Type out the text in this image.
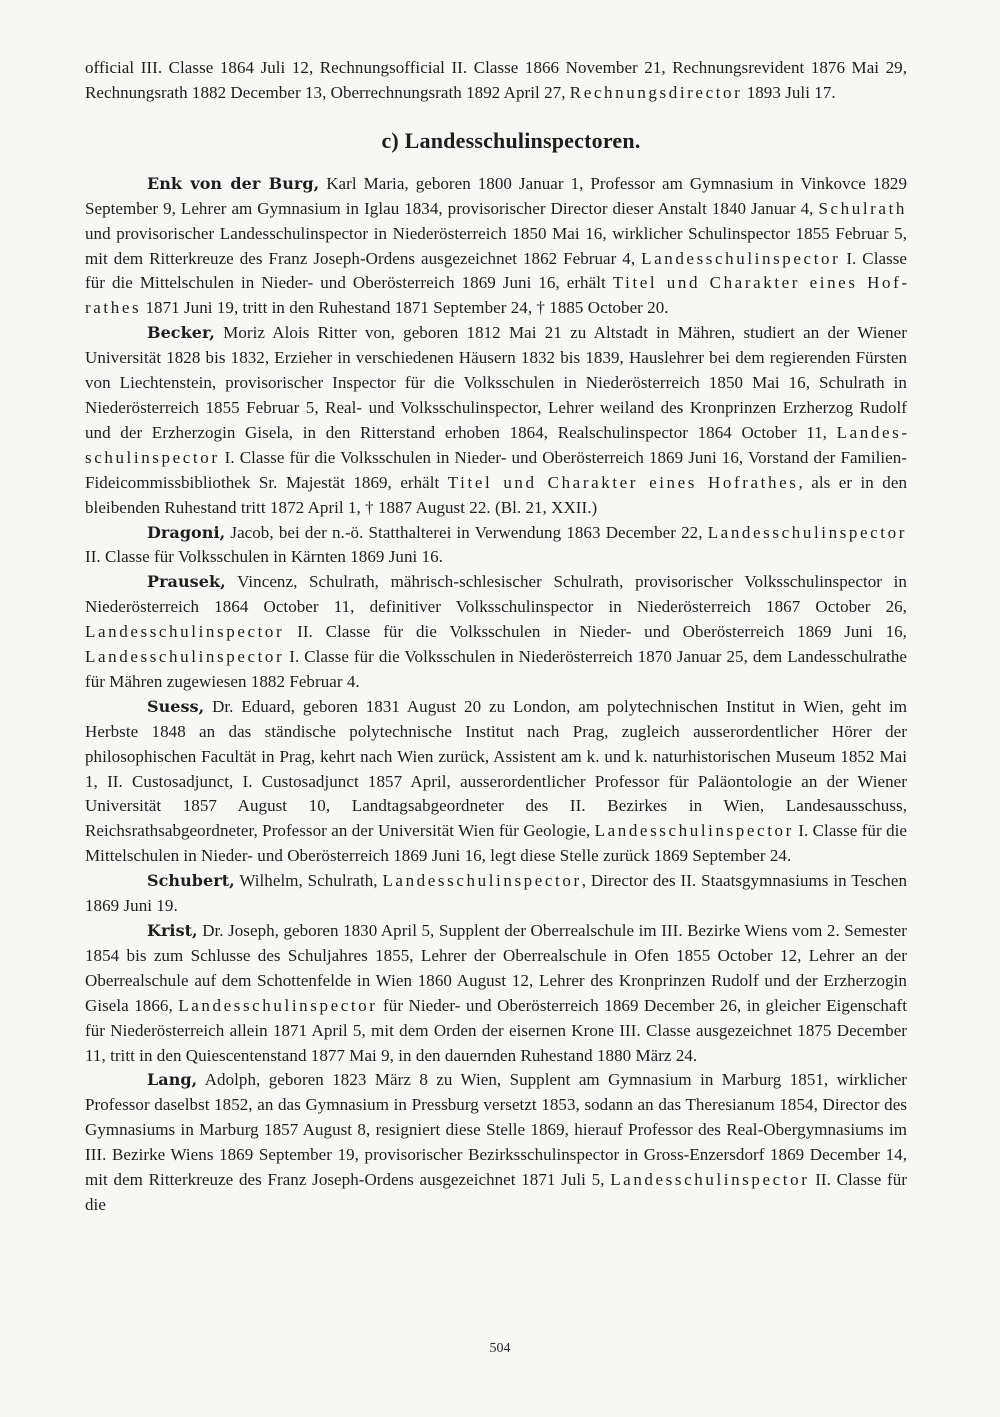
official III. Classe 1864 Juli 12, Rechnungsofficial II. Classe 1866 November 21, Rechnungsrevident 1876 Mai 29, Rechnungsrath 1882 December 13, Oberrechnungsrath 1892 April 27, Rechnungsdirector 1893 Juli 17.

c) Landesschulinspectoren.

Enk von der Burg, Karl Maria, geboren 1800 Januar 1, Professor am Gymnasium in Vinkovce 1829 September 9, Lehrer am Gymnasium in Iglau 1834, provisorischer Director dieser Anstalt 1840 Januar 4, Schulrath und provisorischer Landesschulinspector in Niederösterreich 1850 Mai 16, wirklicher Schulinspector 1855 Februar 5, mit dem Ritterkreuze des Franz Joseph-Ordens ausgezeichnet 1862 Februar 4, Landesschulinspector I. Classe für die Mittelschulen in Nieder- und Oberösterreich 1869 Juni 16, erhält Titel und Charakter eines Hofrathes 1871 Juni 19, tritt in den Ruhestand 1871 September 24, † 1885 October 20.

Becker, Moriz Alois Ritter von, geboren 1812 Mai 21 zu Altstadt in Mähren, studiert an der Wiener Universität 1828 bis 1832, Erzieher in verschiedenen Häusern 1832 bis 1839, Hauslehrer bei dem regierenden Fürsten von Liechtenstein, provisorischer Inspector für die Volksschulen in Niederösterreich 1850 Mai 16, Schulrath in Niederösterreich 1855 Februar 5, Real- und Volksschulinspector, Lehrer weiland des Kronprinzen Erzherzog Rudolf und der Erzherzogin Gisela, in den Ritterstand erhoben 1864, Realschulinspector 1864 October 11, Landesschulinspector I. Classe für die Volksschulen in Nieder- und Oberösterreich 1869 Juni 16, Vorstand der Familien-Fideicommissbibliothek Sr. Majestät 1869, erhält Titel und Charakter eines Hofrathes, als er in den bleibenden Ruhestand tritt 1872 April 1, † 1887 August 22. (Bl. 21, XXII.)

Dragoni, Jacob, bei der n.-ö. Statthalterei in Verwendung 1863 December 22, Landesschulinspector II. Classe für Volksschulen in Kärnten 1869 Juni 16.

Prausek, Vincenz, Schulrath, mährisch-schlesischer Schulrath, provisorischer Volksschulinspector in Niederösterreich 1864 October 11, definitiver Volksschulinspector in Niederösterreich 1867 October 26, Landesschulinspector II. Classe für die Volksschulen in Nieder- und Oberösterreich 1869 Juni 16, Landesschulinspector I. Classe für die Volksschulen in Niederösterreich 1870 Januar 25, dem Landesschulrathe für Mähren zugewiesen 1882 Februar 4.

Suess, Dr. Eduard, geboren 1831 August 20 zu London, am polytechnischen Institut in Wien, geht im Herbste 1848 an das ständische polytechnische Institut nach Prag, zugleich ausserordentlicher Hörer der philosophischen Facultät in Prag, kehrt nach Wien zurück, Assistent am k. und k. naturhistorischen Museum 1852 Mai 1, II. Custosadjunct, I. Custosadjunct 1857 April, ausserordentlicher Professor für Paläontologie an der Wiener Universität 1857 August 10, Landtagsabgeordneter des II. Bezirkes in Wien, Landesausschuss, Reichsrathsabgeordneter, Professor an der Universität Wien für Geologie, Landesschulinspector I. Classe für die Mittelschulen in Nieder- und Oberösterreich 1869 Juni 16, legt diese Stelle zurück 1869 September 24.

Schubert, Wilhelm, Schulrath, Landesschulinspector, Director des II. Staatsgymnasiums in Teschen 1869 Juni 19.

Krist, Dr. Joseph, geboren 1830 April 5, Supplent der Oberrealschule im III. Bezirke Wiens vom 2. Semester 1854 bis zum Schlusse des Schuljahres 1855, Lehrer der Oberrealschule in Ofen 1855 October 12, Lehrer an der Oberrealschule auf dem Schottenfelde in Wien 1860 August 12, Lehrer des Kronprinzen Rudolf und der Erzherzogin Gisela 1866, Landesschulinspector für Nieder- und Oberösterreich 1869 December 26, in gleicher Eigenschaft für Niederösterreich allein 1871 April 5, mit dem Orden der eisernen Krone III. Classe ausgezeichnet 1875 December 11, tritt in den Quiescentenstand 1877 Mai 9, in den dauernden Ruhestand 1880 März 24.

Lang, Adolph, geboren 1823 März 8 zu Wien, Supplent am Gymnasium in Marburg 1851, wirklicher Professor daselbst 1852, an das Gymnasium in Pressburg versetzt 1853, sodann an das Theresianum 1854, Director des Gymnasiums in Marburg 1857 August 8, resigniert diese Stelle 1869, hierauf Professor des Real-Obergymnasiums im III. Bezirke Wiens 1869 September 19, provisorischer Bezirksschulinspector in Gross-Enzersdorf 1869 December 14, mit dem Ritterkreuze des Franz Joseph-Ordens ausgezeichnet 1871 Juli 5, Landesschulinspector II. Classe für die

504
